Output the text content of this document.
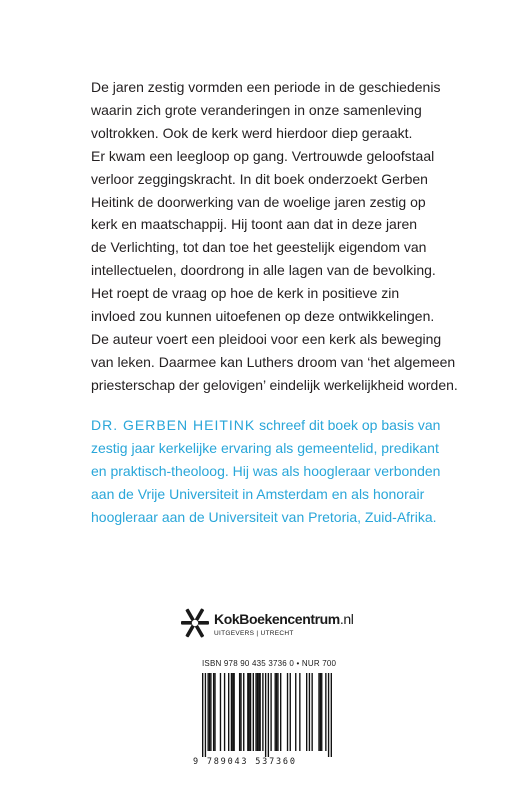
De jaren zestig vormden een periode in de geschiedenis
waarin zich grote veranderingen in onze samenleving
voltrokken. Ook de kerk werd hierdoor diep geraakt.
Er kwam een leegloop op gang. Vertrouwde geloofstaal
verloor zeggingskracht. In dit boek onderzoekt Gerben
Heitink de doorwerking van de woelige jaren zestig op
kerk en maatschappij. Hij toont aan dat in deze jaren
de Verlichting, tot dan toe het geestelijk eigendom van
intellectuelen, doordrong in alle lagen van de bevolking.
Het roept de vraag op hoe de kerk in positieve zin
invloed zou kunnen uitoefenen op deze ontwikkelingen.
De auteur voert een pleidooi voor een kerk als beweging
van leken. Daarmee kan Luthers droom van ‘het algemeen
priesterschap der gelovigen’ eindelijk werkelijkheid worden.
DR. GERBEN HEITINK schreef dit boek op basis van
zestig jaar kerkelijke ervaring als gemeentelid, predikant
en praktisch-theoloog. Hij was als hoogleraar verbonden
aan de Vrije Universiteit in Amsterdam en als honorair
hoogleraar aan de Universiteit van Pretoria, Zuid-Afrika.
KokBoekencentrum.nl
UITGEVERS | UTRECHT
ISBN 978 90 435 3736 0 • NUR 700
9 789043 537360
